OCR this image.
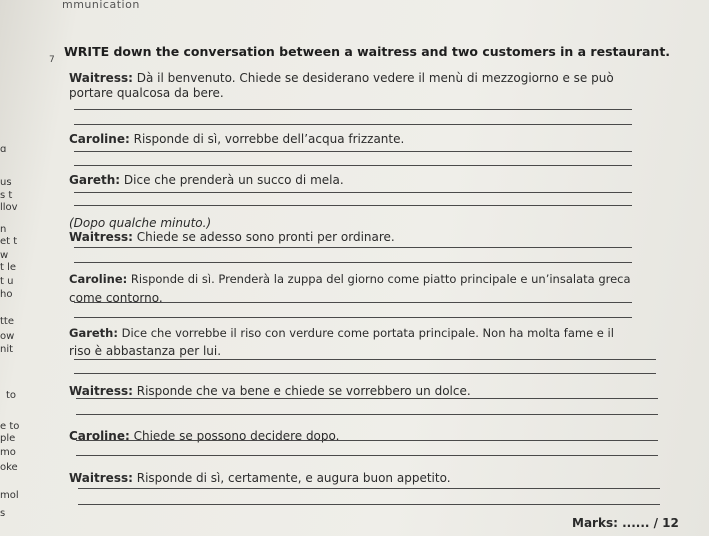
mmunication
7
WRITE down the conversation between a waitress and two customers in a restaurant.
Waitress: Dà il benvenuto. Chiede se desiderano vedere il menù di mezzogiorno e se può
portare qualcosa da bere.
Caroline: Risponde di sì, vorrebbe dell’acqua frizzante.
Gareth: Dice che prenderà un succo di mela.
(Dopo qualche minuto.)
Waitress: Chiede se adesso sono pronti per ordinare.
Caroline: Risponde di sì. Prenderà la zuppa del giorno come piatto principale e un’insalata greca
come contorno.
Gareth: Dice che vorrebbe il riso con verdure come portata principale. Non ha molta fame e il
riso è abbastanza per lui.
Waitress: Risponde che va bene e chiede se vorrebbero un dolce.
Caroline: Chiede se possono decidere dopo.
Waitress: Risponde di sì, certamente, e augura buon appetito.
ɑ
us
s t
llov
n
et t
w
t le
t u
ho
tte
ow
nit
to
e to
ple
mo
oke
mol
s
Marks: ...... / 12
